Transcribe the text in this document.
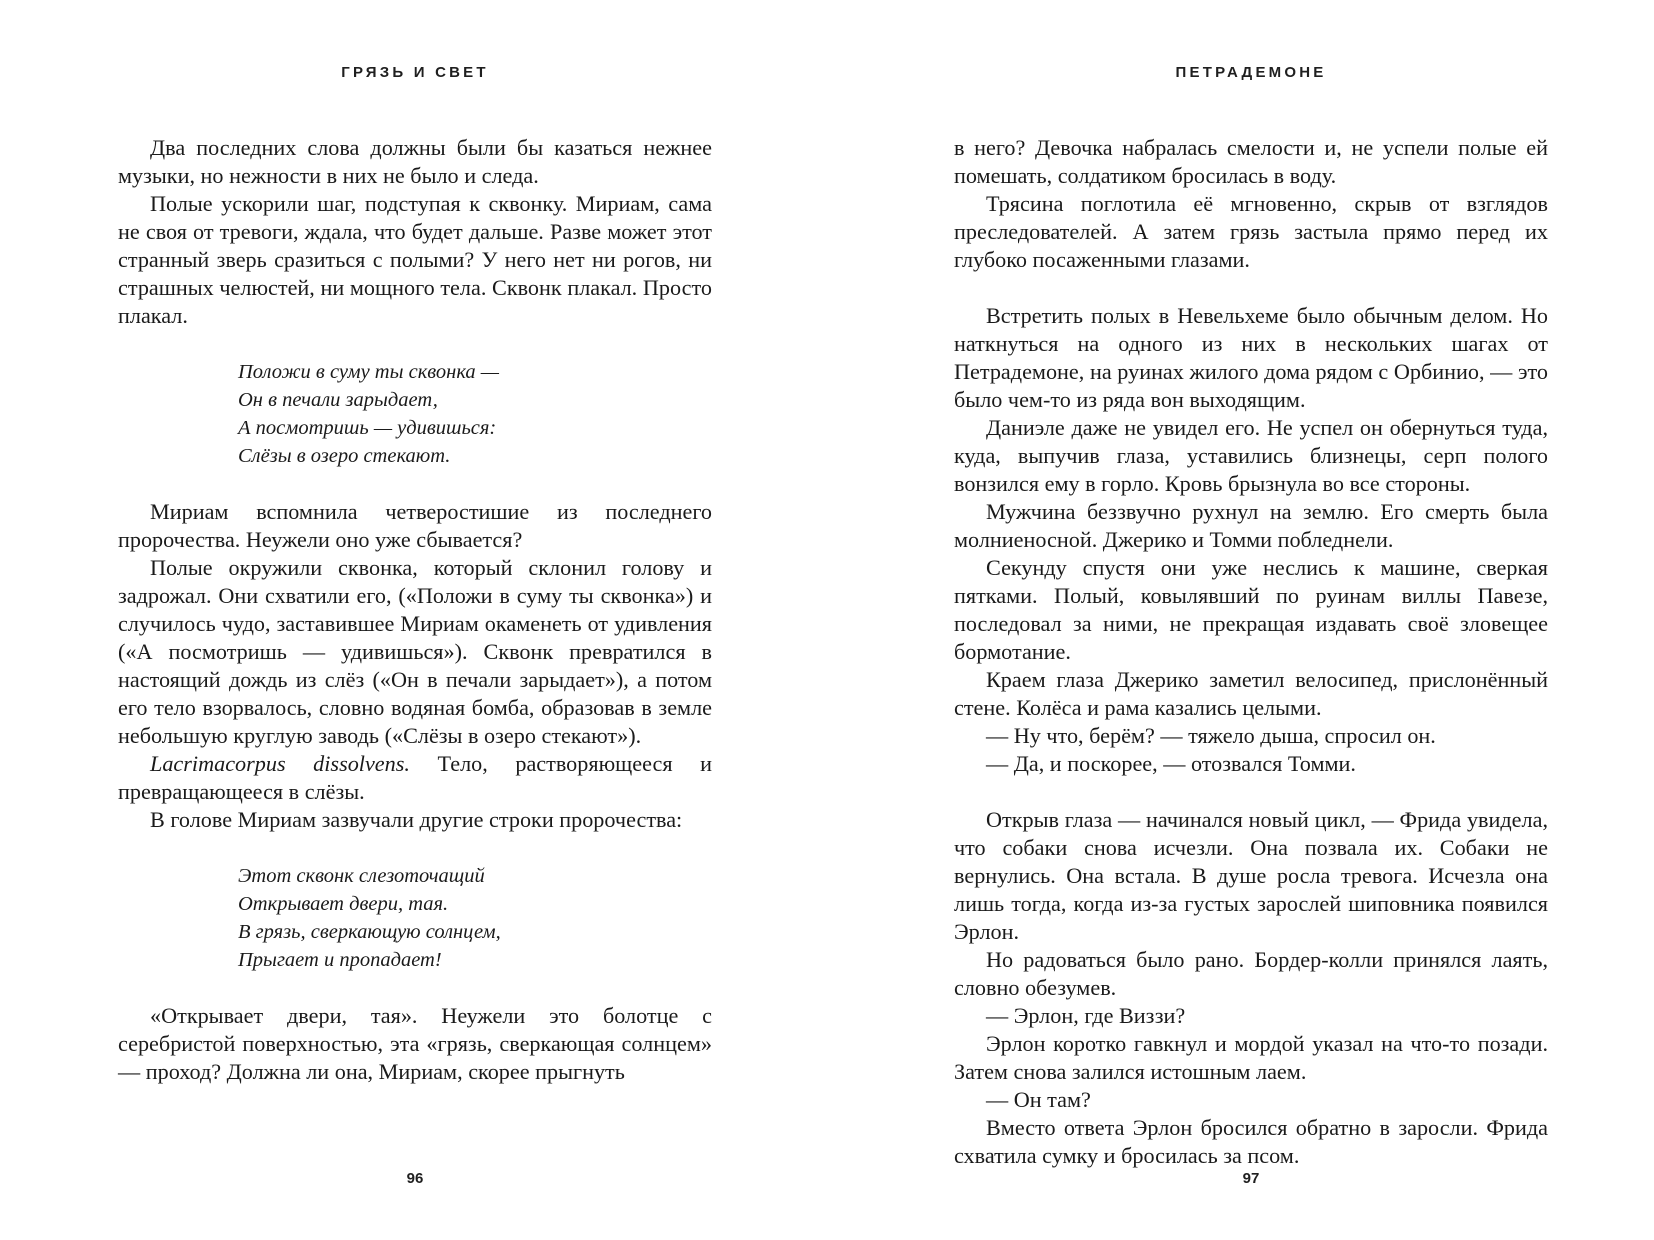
ГРЯЗЬ И СВЕТ

Два последних слова должны были бы казаться нежнее музыки, но нежности в них не было и следа.

Полые ускорили шаг, подступая к сквонку. Мириам, сама не своя от тревоги, ждала, что будет дальше. Разве может этот странный зверь сразиться с полыми? У него нет ни рогов, ни страшных челюстей, ни мощного тела. Сквонк плакал. Просто плакал.

Положи в суму ты сквонка —
Он в печали зарыдает,
А посмотришь — удивишься:
Слёзы в озеро стекают.

Мириам вспомнила четверостишие из последнего пророчества. Неужели оно уже сбывается?

Полые окружили сквонка, который склонил голову и задрожал. Они схватили его, («Положи в суму ты сквонка») и случилось чудо, заставившее Мириам окаменеть от удивления («А посмотришь — удивишься»). Сквонк превратился в настоящий дождь из слёз («Он в печали зарыдает»), а потом его тело взорвалось, словно водяная бомба, образовав в земле небольшую круглую заводь («Слёзы в озеро стекают»).

Lacrimacorpus dissolvens. Тело, растворяющееся и превращающееся в слёзы.

В голове Мириам зазвучали другие строки пророчества:

Этот сквонк слезоточащий
Открывает двери, тая.
В грязь, сверкающую солнцем,
Прыгает и пропадает!

«Открывает двери, тая». Неужели это болотце с серебристой поверхностью, эта «грязь, сверкающая солнцем» — проход? Должна ли она, Мириам, скорее прыгнуть

96
ПЕТРАДЕМОНЕ

в него? Девочка набралась смелости и, не успели полые ей помешать, солдатиком бросилась в воду.

Трясина поглотила её мгновенно, скрыв от взглядов преследователей. А затем грязь застыла прямо перед их глубоко посаженными глазами.

Встретить полых в Невельхеме было обычным делом. Но наткнуться на одного из них в нескольких шагах от Петрадемоне, на руинах жилого дома рядом с Орбинио, — это было чем-то из ряда вон выходящим.

Даниэле даже не увидел его. Не успел он обернуться туда, куда, выпучив глаза, уставились близнецы, серп полого вонзился ему в горло. Кровь брызнула во все стороны.

Мужчина беззвучно рухнул на землю. Его смерть была молниеносной. Джерико и Томми побледнели.

Секунду спустя они уже неслись к машине, сверкая пятками. Полый, ковылявший по руинам виллы Павезе, последовал за ними, не прекращая издавать своё зловещее бормотание.

Краем глаза Джерико заметил велосипед, прислонённый стене. Колёса и рама казались целыми.

— Ну что, берём? — тяжело дыша, спросил он.

— Да, и поскорее, — отозвался Томми.

Открыв глаза — начинался новый цикл, — Фрида увидела, что собаки снова исчезли. Она позвала их. Собаки не вернулись. Она встала. В душе росла тревога. Исчезла она лишь тогда, когда из-за густых зарослей шиповника появился Эрлон.

Но радоваться было рано. Бордер-колли принялся лаять, словно обезумев.

— Эрлон, где Виззи?

Эрлон коротко гавкнул и мордой указал на что-то позади. Затем снова залился истошным лаем.

— Он там?

Вместо ответа Эрлон бросился обратно в заросли. Фрида схватила сумку и бросилась за псом.

97
